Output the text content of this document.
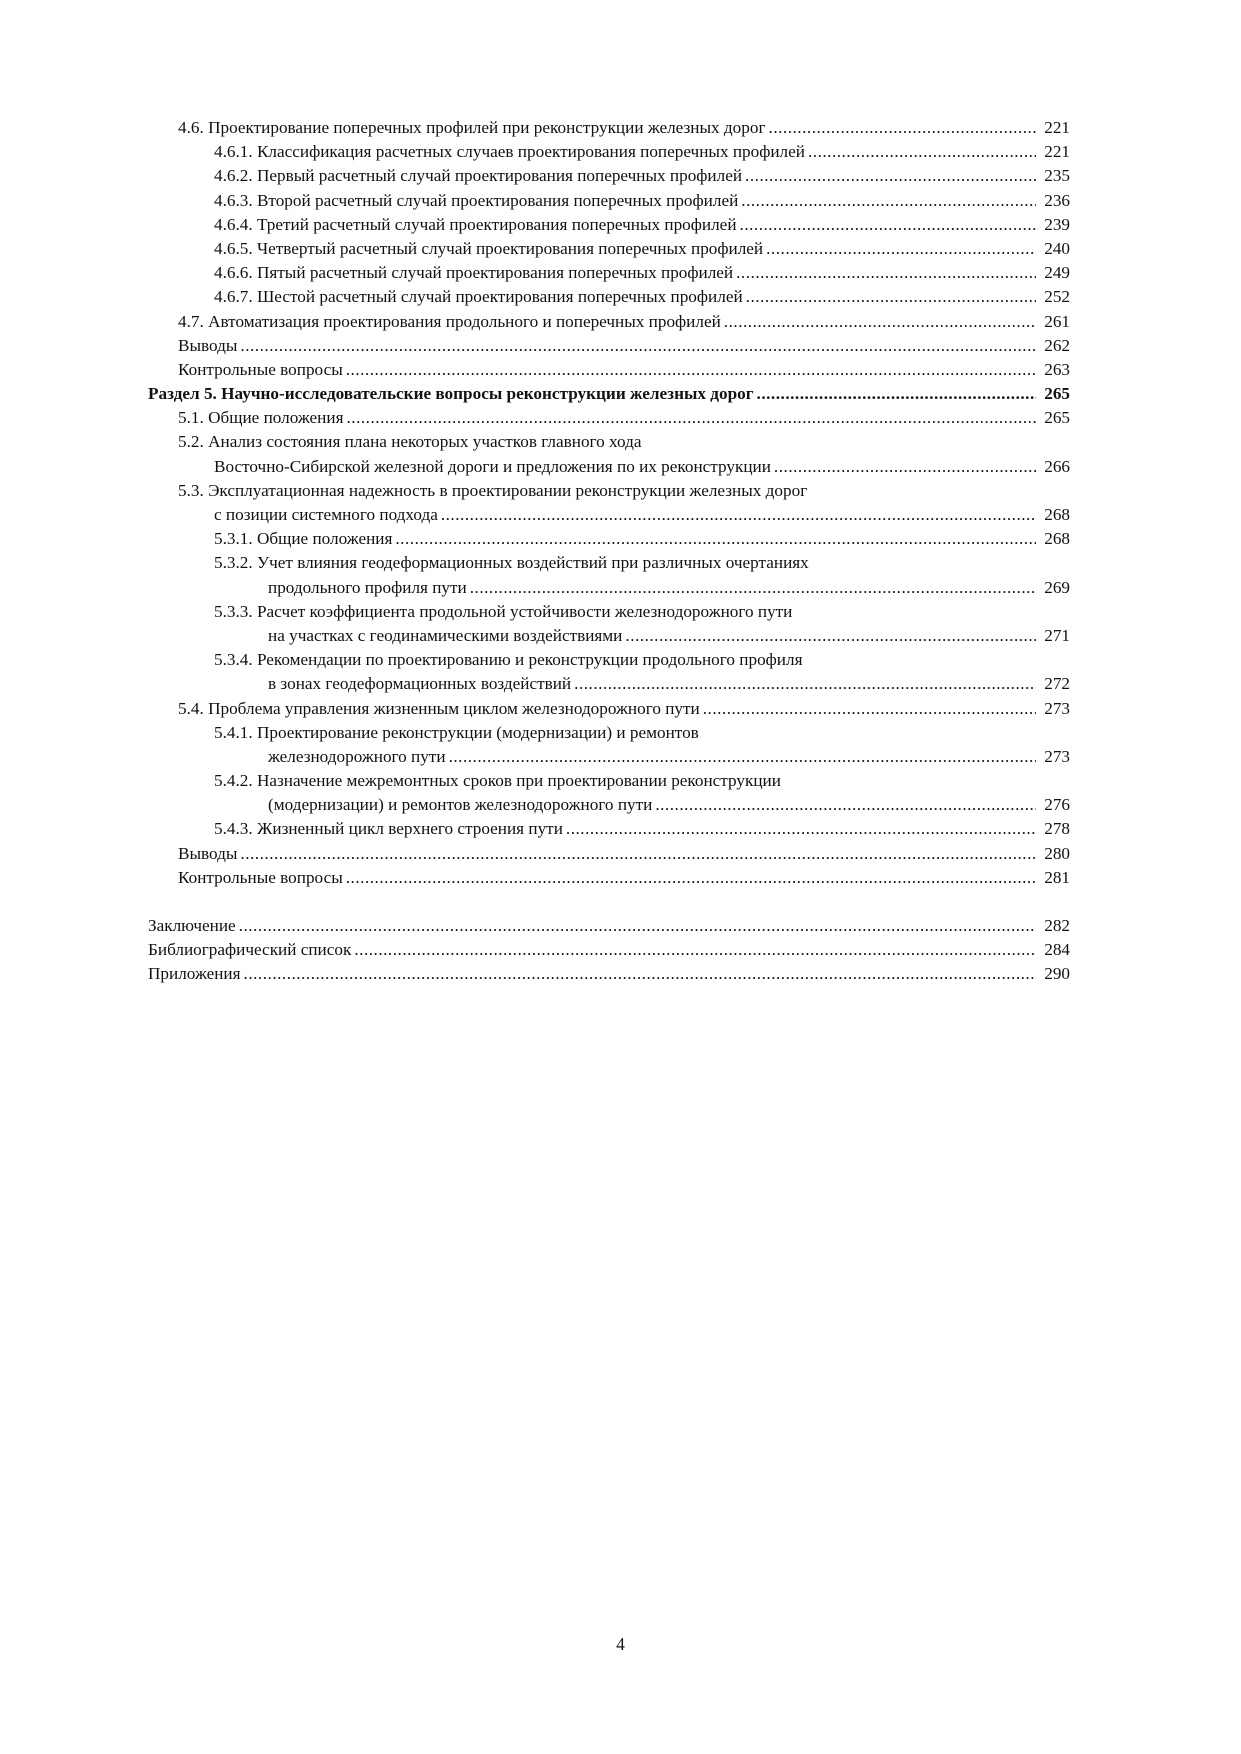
4.6. Проектирование поперечных профилей при реконструкции железных дорог .....	221
4.6.1. Классификация расчетных случаев проектирования поперечных профилей .....	221
4.6.2. Первый расчетный случай проектирования поперечных профилей .....	235
4.6.3. Второй расчетный случай проектирования поперечных профилей .....	236
4.6.4. Третий расчетный случай проектирования поперечных профилей .....	239
4.6.5. Четвертый расчетный случай проектирования поперечных профилей .....	240
4.6.6. Пятый расчетный случай проектирования поперечных профилей .....	249
4.6.7. Шестой расчетный случай проектирования поперечных профилей .....	252
4.7. Автоматизация проектирования продольного и поперечных профилей .....	261
Выводы .....	262
Контрольные вопросы .....	263
Раздел 5. Научно-исследовательские вопросы реконструкции железных дорог .....	265
5.1. Общие положения .....	265
5.2. Анализ состояния плана некоторых участков главного хода
Восточно-Сибирской железной дороги и предложения по их реконструкции .....	266
5.3. Эксплуатационная надежность в проектировании реконструкции железных дорог
с позиции системного подхода .....	268
5.3.1. Общие положения .....	268
5.3.2. Учет влияния геодеформационных воздействий при различных очертаниях
продольного профиля пути .....	269
5.3.3. Расчет коэффициента продольной устойчивости железнодорожного пути
на участках с геодинамическими воздействиями .....	271
5.3.4. Рекомендации по проектированию и реконструкции продольного профиля
в зонах геодеформационных воздействий .....	272
5.4. Проблема управления жизненным циклом железнодорожного пути .....	273
5.4.1. Проектирование реконструкции (модернизации) и ремонтов
железнодорожного пути .....	273
5.4.2. Назначение межремонтных сроков при проектировании реконструкции
(модернизации) и ремонтов железнодорожного пути .....	276
5.4.3. Жизненный цикл верхнего строения пути .....	278
Выводы .....	280
Контрольные вопросы .....	281
Заключение .....	282
Библиографический список .....	284
Приложения .....	290
4
